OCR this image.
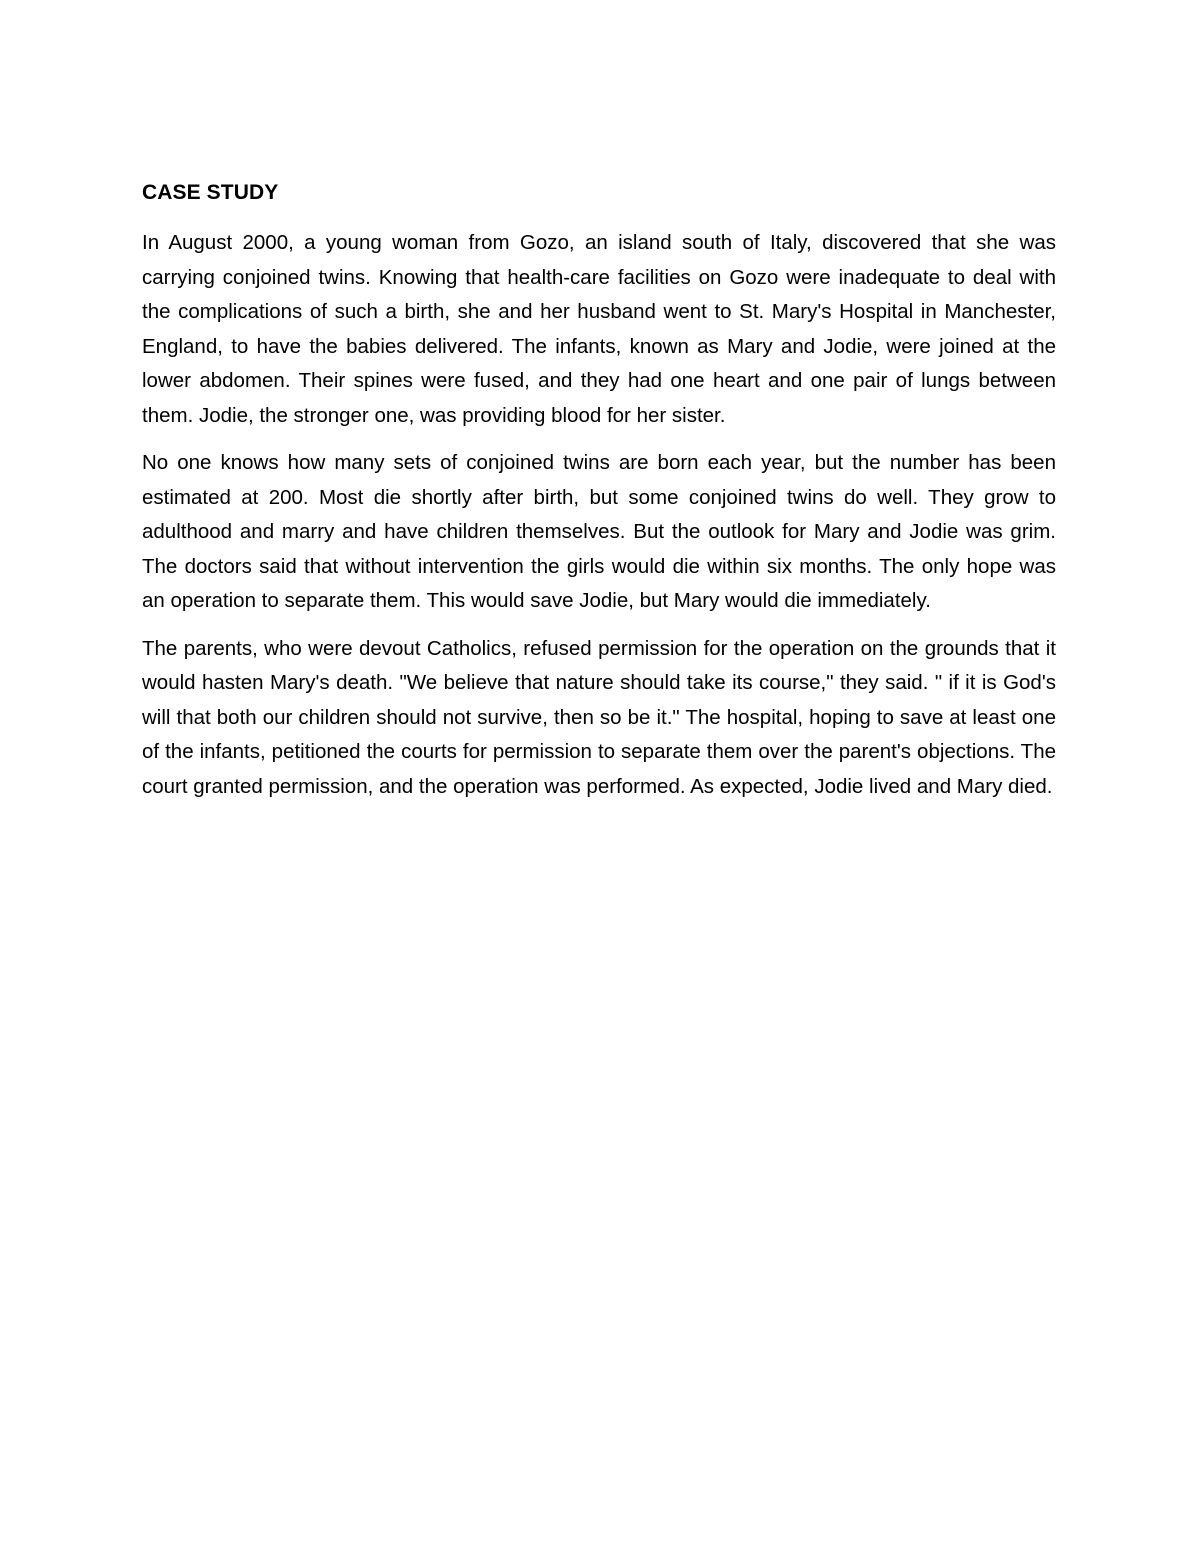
CASE STUDY

In August 2000, a young woman from Gozo, an island south of Italy, discovered that she was carrying conjoined twins. Knowing that health-care facilities on Gozo were inadequate to deal with the complications of such a birth, she and her husband went to St. Mary's Hospital in Manchester, England, to have the babies delivered. The infants, known as Mary and Jodie, were joined at the lower abdomen. Their spines were fused, and they had one heart and one pair of lungs between them. Jodie, the stronger one, was providing blood for her sister.

No one knows how many sets of conjoined twins are born each year, but the number has been estimated at 200. Most die shortly after birth, but some conjoined twins do well. They grow to adulthood and marry and have children themselves. But the outlook for Mary and Jodie was grim. The doctors said that without intervention the girls would die within six months. The only hope was an operation to separate them. This would save Jodie, but Mary would die immediately.

The parents, who were devout Catholics, refused permission for the operation on the grounds that it would hasten Mary's death. "We believe that nature should take its course," they said. " if it is God's will that both our children should not survive, then so be it." The hospital, hoping to save at least one of the infants, petitioned the courts for permission to separate them over the parent's objections. The court granted permission, and the operation was performed. As expected, Jodie lived and Mary died.
